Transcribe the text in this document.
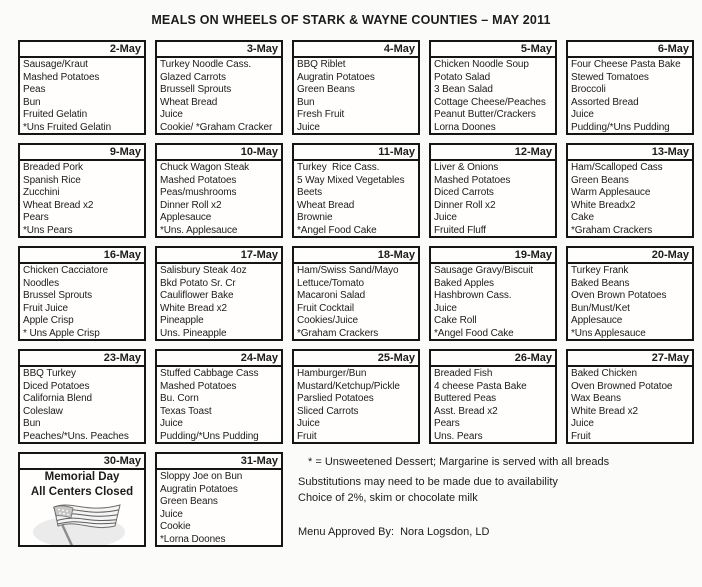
MEALS ON WHEELS OF STARK & WAYNE COUNTIES – MAY 2011
2-May
Sausage/Kraut
Mashed Potatoes
Peas
Bun
Fruited Gelatin
*Uns Fruited Gelatin
3-May
Turkey Noodle Cass.
Glazed Carrots
Brussell Sprouts
Wheat Bread
Juice
Cookie/ *Graham Cracker
4-May
BBQ Riblet
Augratin Potatoes
Green Beans
Bun
Fresh Fruit
Juice
5-May
Chicken Noodle Soup
Potato Salad
3 Bean Salad
Cottage Cheese/Peaches
Peanut Butter/Crackers
Lorna Doones
6-May
Four Cheese Pasta Bake
Stewed Tomatoes
Broccoli
Assorted Bread
Juice
Pudding/*Uns Pudding
9-May
Breaded Pork
Spanish Rice
Zucchini
Wheat Bread x2
Pears
*Uns Pears
10-May
Chuck Wagon Steak
Mashed Potatoes
Peas/mushrooms
Dinner Roll x2
Applesauce
*Uns. Applesauce
11-May
Turkey  Rice Cass.
5 Way Mixed Vegetables
Beets
Wheat Bread
Brownie
*Angel Food Cake
12-May
Liver & Onions
Mashed Potatoes
Diced Carrots
Dinner Roll x2
Juice
Fruited Fluff
13-May
Ham/Scalloped Cass
Green Beans
Warm Applesauce
White Breadx2
Cake
*Graham Crackers
16-May
Chicken Cacciatore
Noodles
Brussel Sprouts
Fruit Juice
Apple Crisp
* Uns Apple Crisp
17-May
Salisbury Steak 4oz
Bkd Potato Sr. Cr
Cauliflower Bake
White Bread x2
Pineapple
Uns. Pineapple
18-May
Ham/Swiss Sand/Mayo
Lettuce/Tomato
Macaroni Salad
Fruit Cocktail
Cookies/Juice
*Graham Crackers
19-May
Sausage Gravy/Biscuit
Baked Apples
Hashbrown Cass.
Juice
Cake Roll
*Angel Food Cake
20-May
Turkey Frank
Baked Beans
Oven Brown Potatoes
Bun/Must/Ket
Applesauce
*Uns Applesauce
23-May
BBQ Turkey
Diced Potatoes
California Blend
Coleslaw
Bun
Peaches/*Uns. Peaches
24-May
Stuffed Cabbage Cass
Mashed Potatoes
Bu. Corn
Texas Toast
Juice
Pudding/*Uns Pudding
25-May
Hamburger/Bun
Mustard/Ketchup/Pickle
Parslied Potatoes
Sliced Carrots
Juice
Fruit
26-May
Breaded Fish
4 cheese Pasta Bake
Buttered Peas
Asst. Bread x2
Pears
Uns. Pears
27-May
Baked Chicken
Oven Browned Potatoe
Wax Beans
White Bread x2
Juice
Fruit
30-May
Memorial Day
All Centers Closed
31-May
Sloppy Joe on Bun
Augratin Potatoes
Green Beans
Juice
Cookie
*Lorna Doones
* = Unsweetened Dessert; Margarine is served with all breads
Substitutions may need to be made due to availability
Choice of 2%, skim or chocolate milk
Menu Approved By:  Nora Logsdon, LD
